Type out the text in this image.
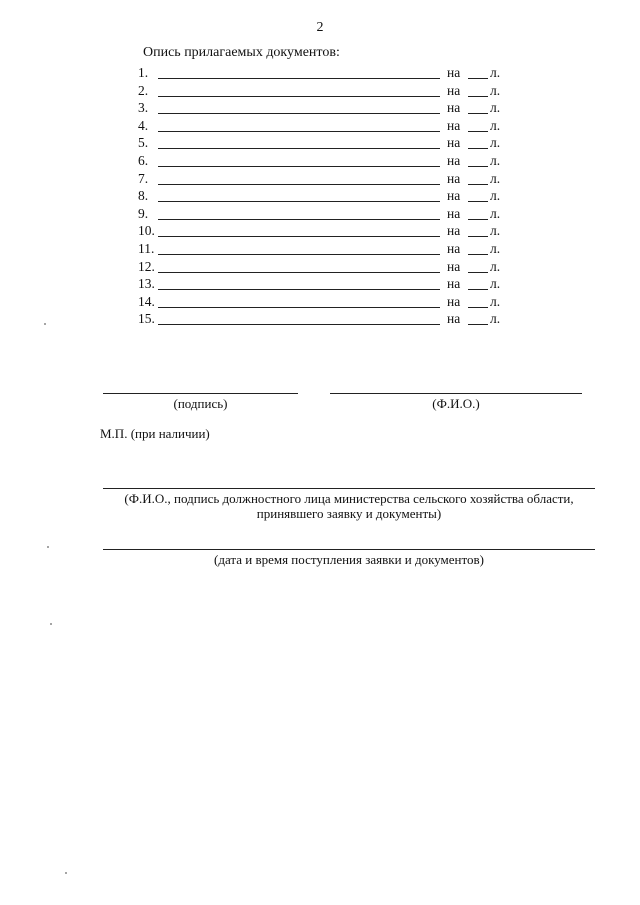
2
Опись прилагаемых документов:
1.	на л.
2.	на л.
3.	на л.
4.	на л.
5.	на л.
6.	на л.
7.	на л.
8.	на л.
9.	на л.
10.	на л.
11.	на л.
12.	на л.
13.	на л.
14.	на л.
15.	на л.
(подпись)	(Ф.И.О.)
М.П. (при наличии)
(Ф.И.О., подпись должностного лица министерства сельского хозяйства области,
принявшего заявку и документы)
(дата и время поступления заявки и документов)
